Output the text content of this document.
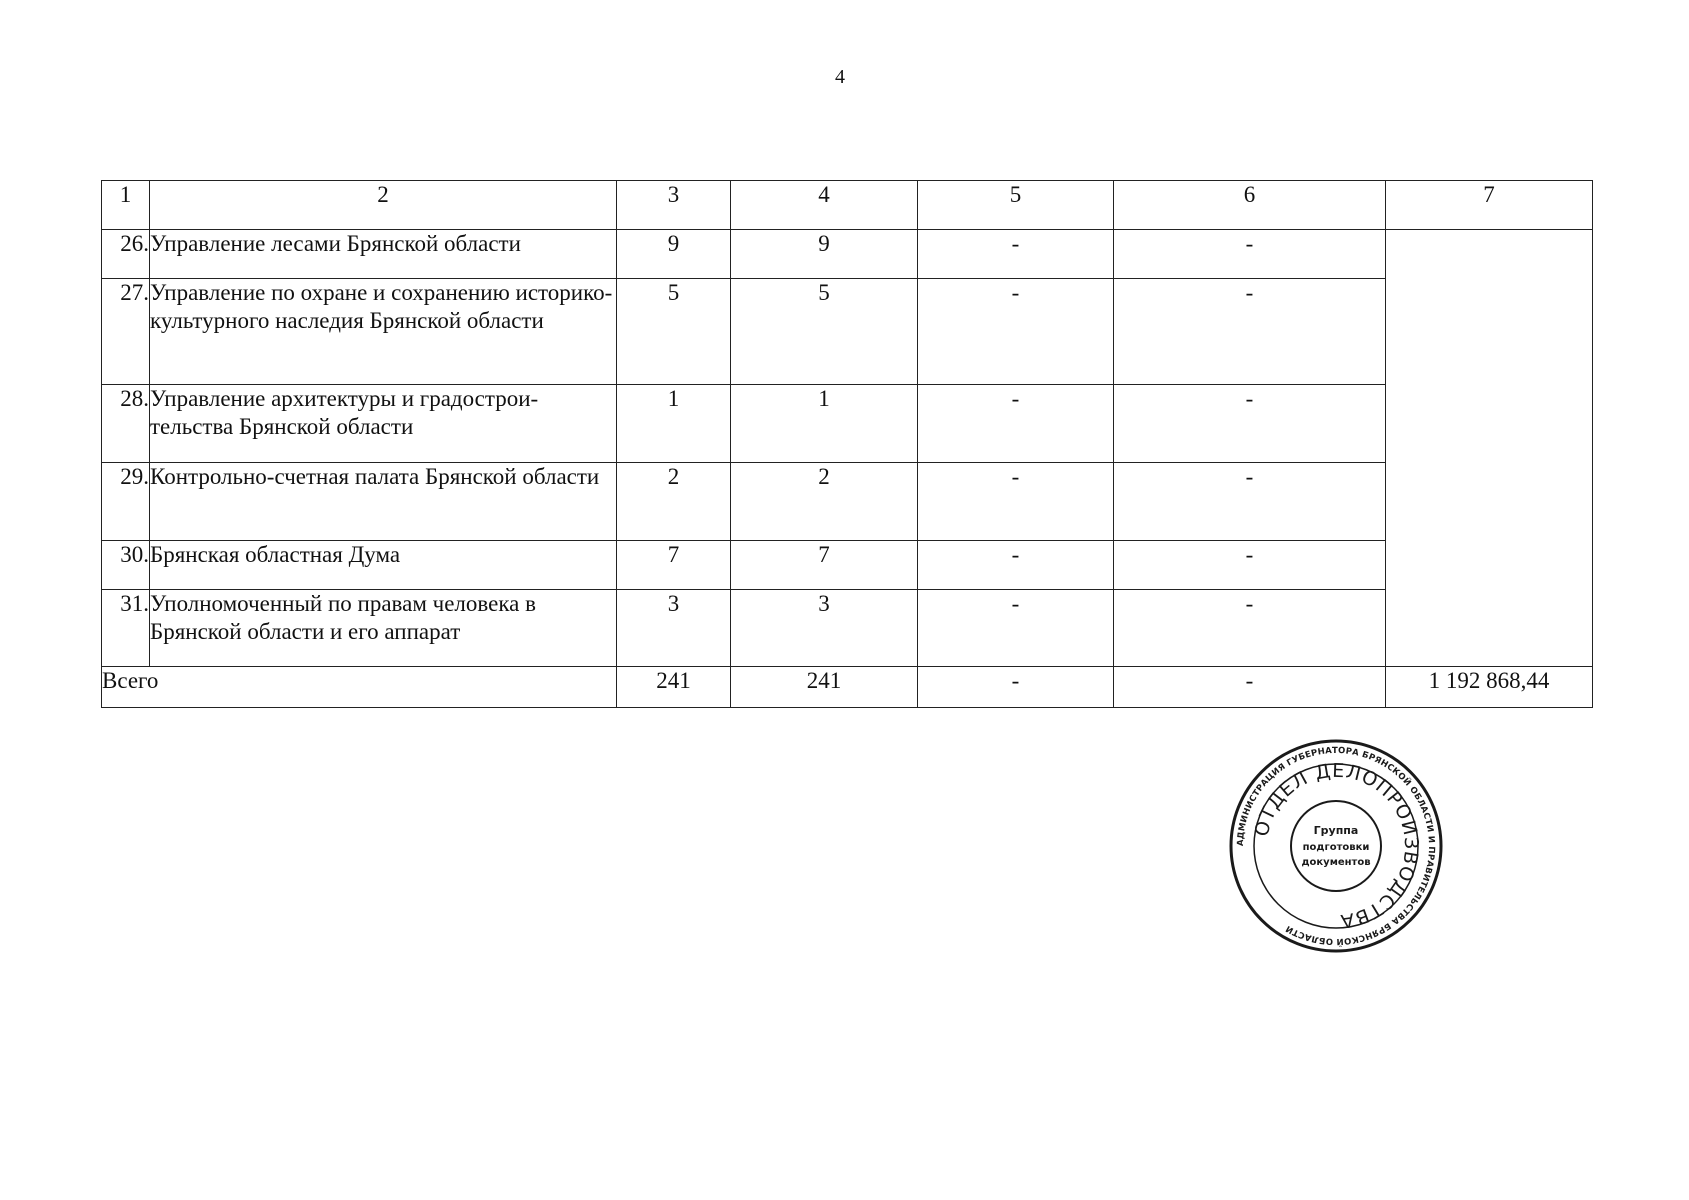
4
1	2	3	4	5	6	7
26.	Управление лесами Брянской области	9	9	-	-	
27.	Управление по охране и сохранению историко-культурного наследия Брянской области	5	5	-	-	
28.	Управление архитектуры и градострои-тельства Брянской области	1	1	-	-	
29.	Контрольно-счетная палата Брянской области	2	2	-	-	
30.	Брянская областная Дума	7	7	-	-	
31.	Уполномоченный по правам человека в Брянской области и его аппарат	3	3	-	-	
Всего		241	241	-	-	1 192 868,44
АДМИНИСТРАЦИЯ ГУБЕРНАТОРА БРЯНСКОЙ ОБЛАСТИ И ПРАВИТЕЛЬСТВА БРЯНСКОЙ ОБЛАСТИ
ОТДЕЛ ДЕЛОПРОИЗВОДСТВА
Группа
подготовки
документов
